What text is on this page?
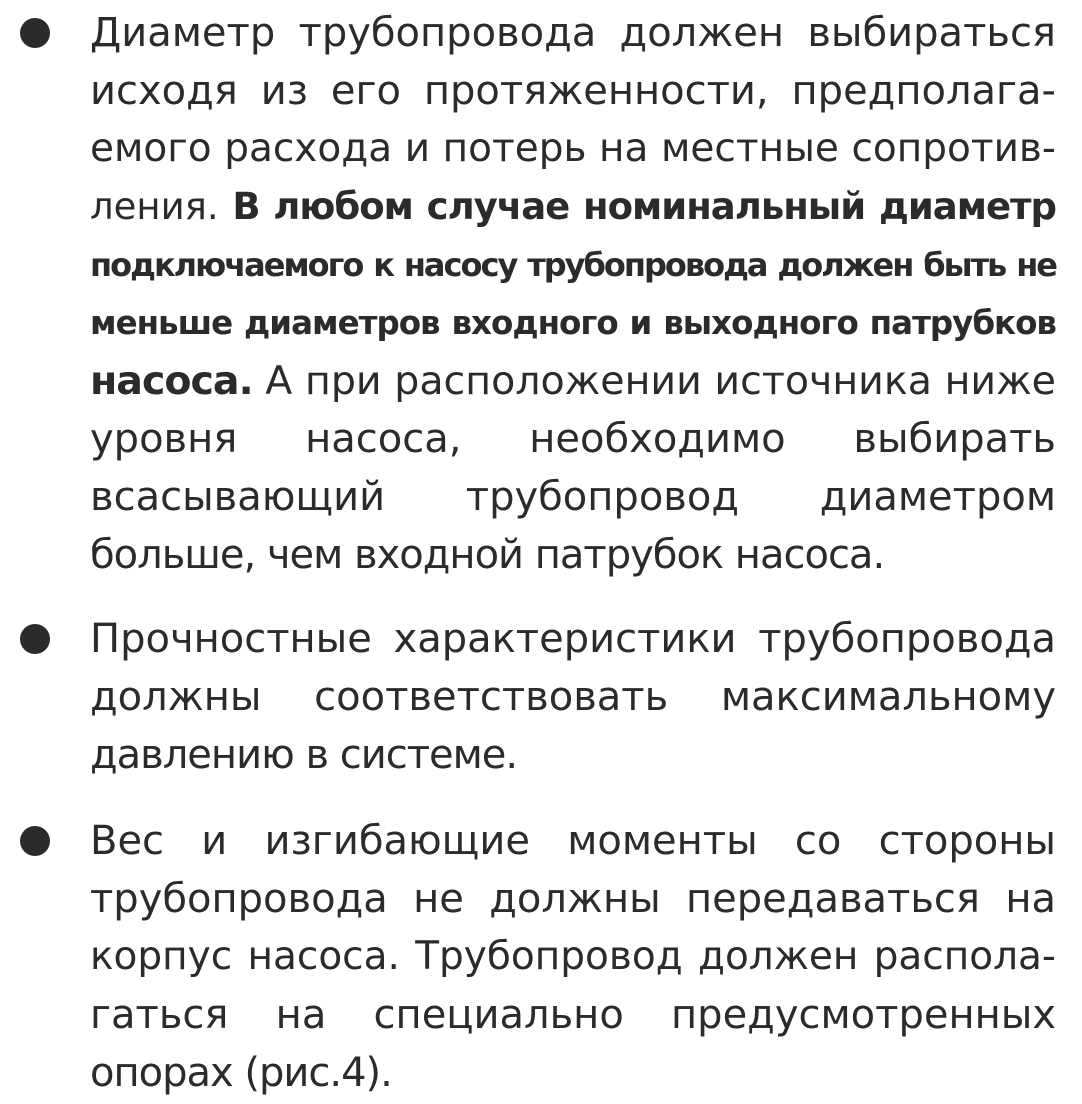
Диаметр трубопровода должен выбираться
исходя из его протяженности, предполага-
емого расхода и потерь на местные сопротив-
ления. В любом случае номинальный диаметр
подключаемого к насосу трубопровода должен быть не
меньше диаметров входного и выходного патрубков
насоса. А при расположении источника ниже
уровня насоса, необходимо выбирать
всасывающий трубопровод диаметром
больше, чем входной патрубок насоса.
Прочностные характеристики трубопровода
должны соответствовать максимальному
давлению в системе.
Вес и изгибающие моменты со стороны
трубопровода не должны передаваться на
корпус насоса. Трубопровод должен распола-
гаться на специально предусмотренных
опорах (рис.4).
